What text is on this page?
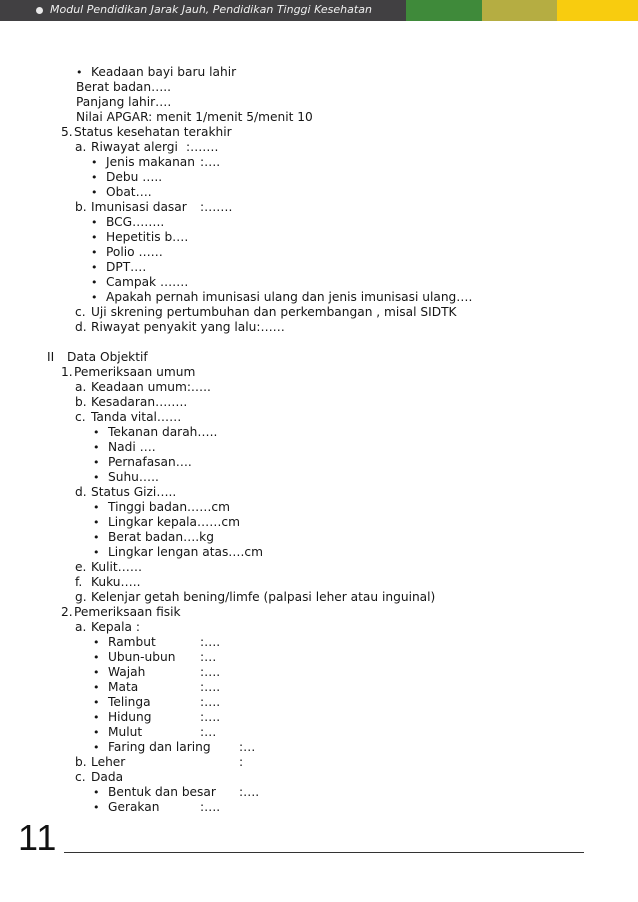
Modul Pendidikan Jarak Jauh, Pendidikan Tinggi Kesehatan
• Keadaan bayi baru lahir
Berat badan…..
Panjang lahir….
Nilai APGAR: menit 1/menit 5/menit 10
5. Status kesehatan terakhir
a. Riwayat alergi :…….
• Jenis makanan :….
• Debu …..
• Obat….
b. Imunisasi dasar :…….
• BCG……..
• Hepetitis b….
• Polio ……
• DPT….
• Campak …….
• Apakah pernah imunisasi ulang dan jenis imunisasi ulang….
c. Uji skrening pertumbuhan dan perkembangan , misal SIDTK
d. Riwayat penyakit yang lalu:……
II Data Objektif
1. Pemeriksaan umum
a. Keadaan umum:…..
b. Kesadaran……..
c. Tanda vital……
• Tekanan darah…..
• Nadi ….
• Pernafasan….
• Suhu…..
d. Status Gizi…..
• Tinggi badan……cm
• Lingkar kepala……cm
• Berat badan….kg
• Lingkar lengan atas….cm
e. Kulit……
f. Kuku…..
g. Kelenjar getah bening/limfe (palpasi leher atau inguinal)
2. Pemeriksaan fisik
a. Kepala :
• Rambut	:….
• Ubun-ubun :…
• Wajah	:….
• Mata	:….
• Telinga	:….
• Hidung	:….
• Mulut	:…
• Faring dan laring :…
b. Leher	:
c. Dada
• Bentuk dan besar :….
• Gerakan	:….
11
